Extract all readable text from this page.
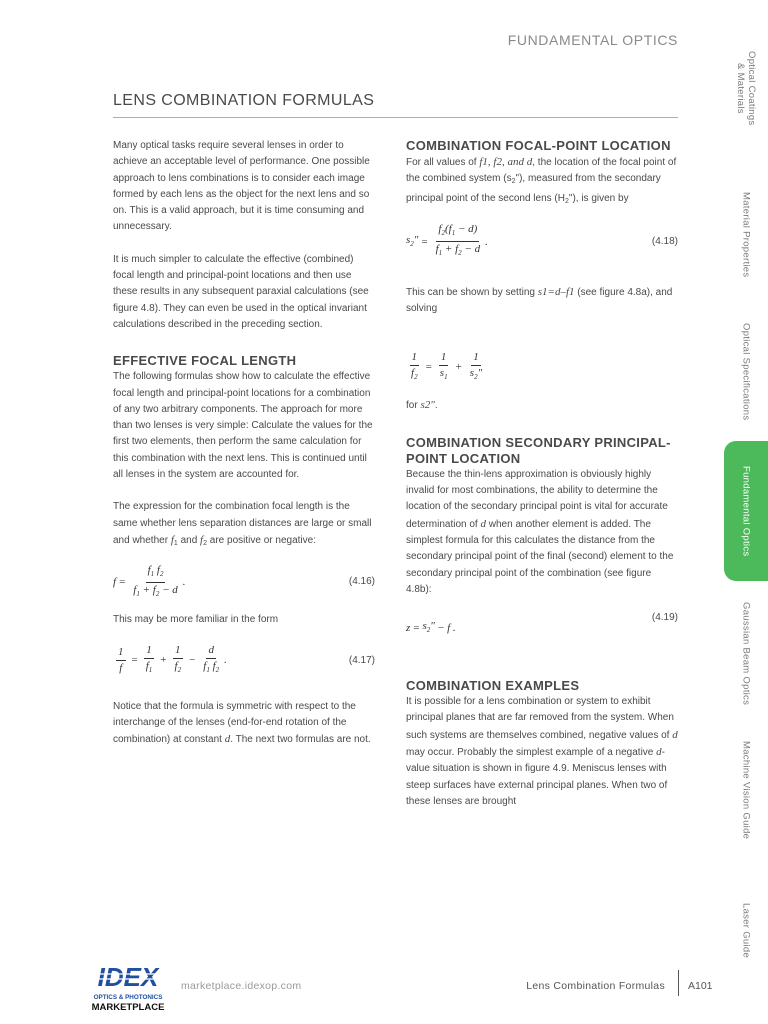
FUNDAMENTAL OPTICS
LENS COMBINATION FORMULAS

Many optical tasks require several lenses in order to achieve an acceptable level of performance. One possible approach to lens combinations is to consider each image formed by each lens as the object for the next lens and so on. This is a valid approach, but it is time consuming and unnecessary.

It is much simpler to calculate the effective (combined) focal length and principal-point locations and then use these results in any subsequent paraxial calculations (see figure 4.8). They can even be used in the optical invariant calculations described in the preceding section.

EFFECTIVE FOCAL LENGTH

The following formulas show how to calculate the effective focal length and principal-point locations for a combination of any two arbitrary components. The approach for more than two lenses is very simple: Calculate the values for the first two elements, then perform the same calculation for this combination with the next lens. This is continued until all lenses in the system are accounted for.

The expression for the combination focal length is the same whether lens separation distances are large or small and whether $f_1$ and $f_2$ are positive or negative:

$f = \frac{f_1 f_2}{f_1 + f_2 - d}$ .	(4.16)

This may be more familiar in the form

$\frac{1}{f} = \frac{1}{f_1} + \frac{1}{f_2} - \frac{d}{f_1 f_2}$ .	(4.17)

Notice that the formula is symmetric with respect to the interchange of the lenses (end-for-end rotation of the combination) at constant d. The next two formulas are not.

COMBINATION FOCAL-POINT LOCATION

For all values of f1, f2, and d, the location of the focal point of the combined system $(s_2")$, measured from the secondary principal point of the second lens $(H_2")$, is given by

$s_2'' = \frac{f_2(f_1 - d)}{f_1 + f_2 - d}$ .	(4.18)

This can be shown by setting s1=d–f1 (see figure 4.8a), and solving

$\frac{1}{f_2} = \frac{1}{s_1} + \frac{1}{s_2''}$

for s2".

COMBINATION SECONDARY PRINCIPAL-POINT LOCATION

Because the thin-lens approximation is obviously highly invalid for most combinations, the ability to determine the location of the secondary principal point is vital for accurate determination of d when another element is added. The simplest formula for this calculates the distance from the secondary principal point of the final (second) element to the secondary principal point of the combination (see figure 4.8b):

$z = s_2'' - f$ .
(4.19)
COMBINATION EXAMPLES

It is possible for a lens combination or system to exhibit principal planes that are far removed from the system. When such systems are themselves combined, negative values of d may occur. Probably the simplest example of a negative d-value situation is shown in figure 4.9. Meniscus lenses with steep surfaces have external principal planes. When two of these lenses are brought

Optical Coatings
& Materials
Material Properties
Optical Specifications
Fundamental Optics
Gaussian Beam Optics
Machine Vision Guide
Laser Guide
IDEX
OPTICS & PHOTONICS
MARKETPLACE
marketplace.idexop.com	Lens Combination Formulas A101
